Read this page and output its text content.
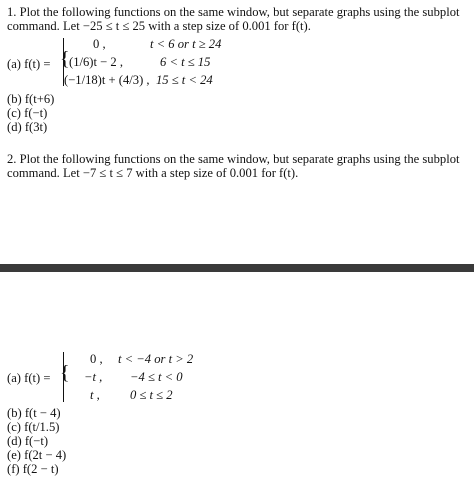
1. Plot the following functions on the same window, but separate graphs using the subplot
command. Let −25 ≤ t ≤ 25 with a step size of 0.001 for f(t).
(a) f(t) = {
0 ,	t < 6 or t ≥ 24
(1/6)t − 2 ,	6 < t ≤ 15
(−1/18)t + (4/3) , 15 ≤ t < 24
(b) f(t+6)
(c) f(−t)
(d) f(3t)
2. Plot the following functions on the same window, but separate graphs using the subplot
command. Let −7 ≤ t ≤ 7 with a step size of 0.001 for f(t).
(a) f(t) = {
0 , t < −4 or t > 2
−t , −4 ≤ t < 0
t , 0 ≤ t ≤ 2
(b) f(t − 4)
(c) f(t/1.5)
(d) f(−t)
(e) f(2t − 4)
(f) f(2 − t)
